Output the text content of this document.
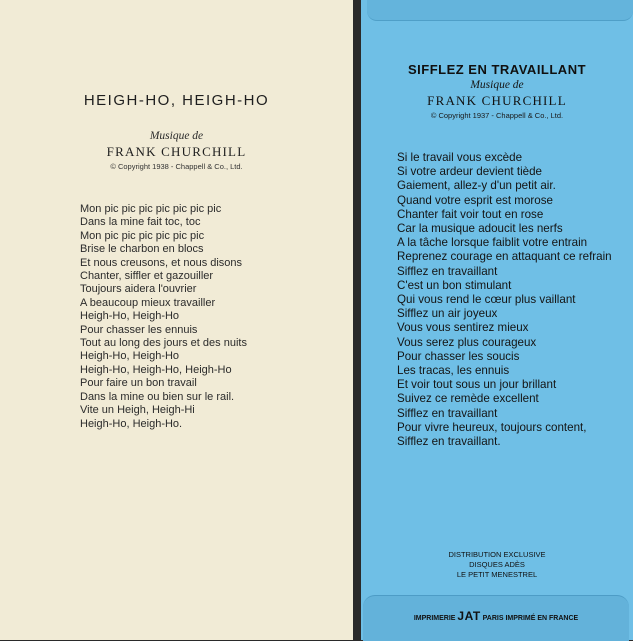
HEIGH-HO, HEIGH-HO
Musique de
FRANK CHURCHILL
© Copyright 1938 - Chappell & Co., Ltd.
Mon pic pic pic pic pic pic pic
Dans la mine fait toc, toc
Mon pic pic pic pic pic pic
Brise le charbon en blocs
Et nous creusons, et nous disons
Chanter, siffler et gazouiller
Toujours aidera l'ouvrier
A beaucoup mieux travailler
Heigh-Ho, Heigh-Ho
Pour chasser les ennuis
Tout au long des jours et des nuits
Heigh-Ho, Heigh-Ho
Heigh-Ho, Heigh-Ho, Heigh-Ho
Pour faire un bon travail
Dans la mine ou bien sur le rail.
Vite un Heigh, Heigh-Hi
Heigh-Ho, Heigh-Ho.
SIFFLEZ EN TRAVAILLANT
Musique de
FRANK CHURCHILL
© Copyright 1937 - Chappell & Co., Ltd.
Si le travail vous excède
Si votre ardeur devient tiède
Gaiement, allez-y d'un petit air.
Quand votre esprit est morose
Chanter fait voir tout en rose
Car la musique adoucit les nerfs
A la tâche lorsque faiblit votre entrain
Reprenez courage en attaquant ce refrain
Sifflez en travaillant
C'est un bon stimulant
Qui vous rend le cœur plus vaillant
Sifflez un air joyeux
Vous vous sentirez mieux
Vous serez plus courageux
Pour chasser les soucis
Les tracas, les ennuis
Et voir tout sous un jour brillant
Suivez ce remède excellent
Sifflez en travaillant
Pour vivre heureux, toujours content,
Sifflez en travaillant.
DISTRIBUTION EXCLUSIVE
DISQUES ADÈS
LE PETIT MENESTREL
IMPRIMERIE JAT PARIS IMPRIMÉ EN FRANCE
